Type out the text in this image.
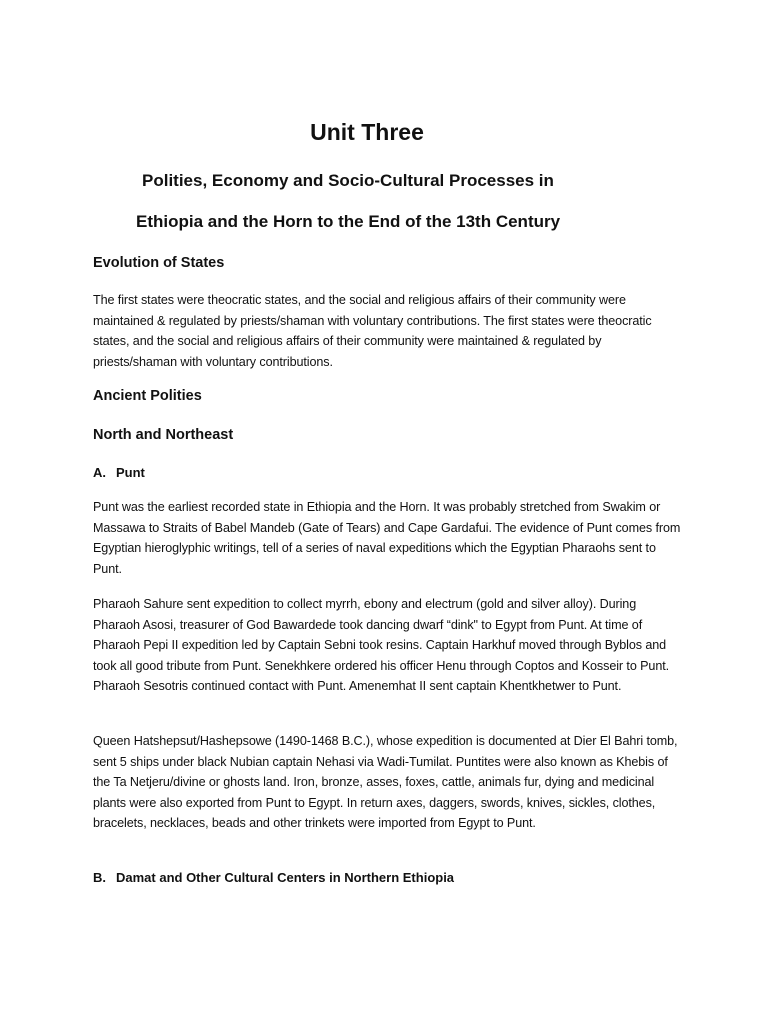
Unit Three
Polities, Economy and Socio-Cultural Processes in
Ethiopia and the Horn to the End of the 13th Century
Evolution of States

The first states were theocratic states, and the social and religious affairs of their community were maintained & regulated by priests/shaman with voluntary contributions. The first states were theocratic states, and the social and religious affairs of their community were maintained & regulated by priests/shaman with voluntary contributions.

Ancient Polities
North and Northeast
A. Punt

Punt was the earliest recorded state in Ethiopia and the Horn. It was probably stretched from Swakim or Massawa to Straits of Babel Mandeb (Gate of Tears) and Cape Gardafui. The evidence of Punt comes from Egyptian hieroglyphic writings, tell of a series of naval expeditions which the Egyptian Pharaohs sent to Punt.

Pharaoh Sahure sent expedition to collect myrrh, ebony and electrum (gold and silver alloy). During Pharaoh Asosi, treasurer of God Bawardede took dancing dwarf “dink" to Egypt from Punt. At time of Pharaoh Pepi II expedition led by Captain Sebni took resins. Captain Harkhuf moved through Byblos and took all good tribute from Punt. Senekhkere ordered his officer Henu through Coptos and Kosseir to Punt. Pharaoh Sesotris continued contact with Punt. Amenemhat II sent captain Khentkhetwer to Punt.

Queen Hatshepsut/Hashepsowe (1490-1468 B.C.), whose expedition is documented at Dier El Bahri tomb, sent 5 ships under black Nubian captain Nehasi via Wadi-Tumilat. Puntites were also known as Khebis of the Ta Netjeru/divine or ghosts land. Iron, bronze, asses, foxes, cattle, animals fur, dying and medicinal plants were also exported from Punt to Egypt. In return axes, daggers, swords, knives, sickles, clothes, bracelets, necklaces, beads and other trinkets were imported from Egypt to Punt.

B. Damat and Other Cultural Centers in Northern Ethiopia
